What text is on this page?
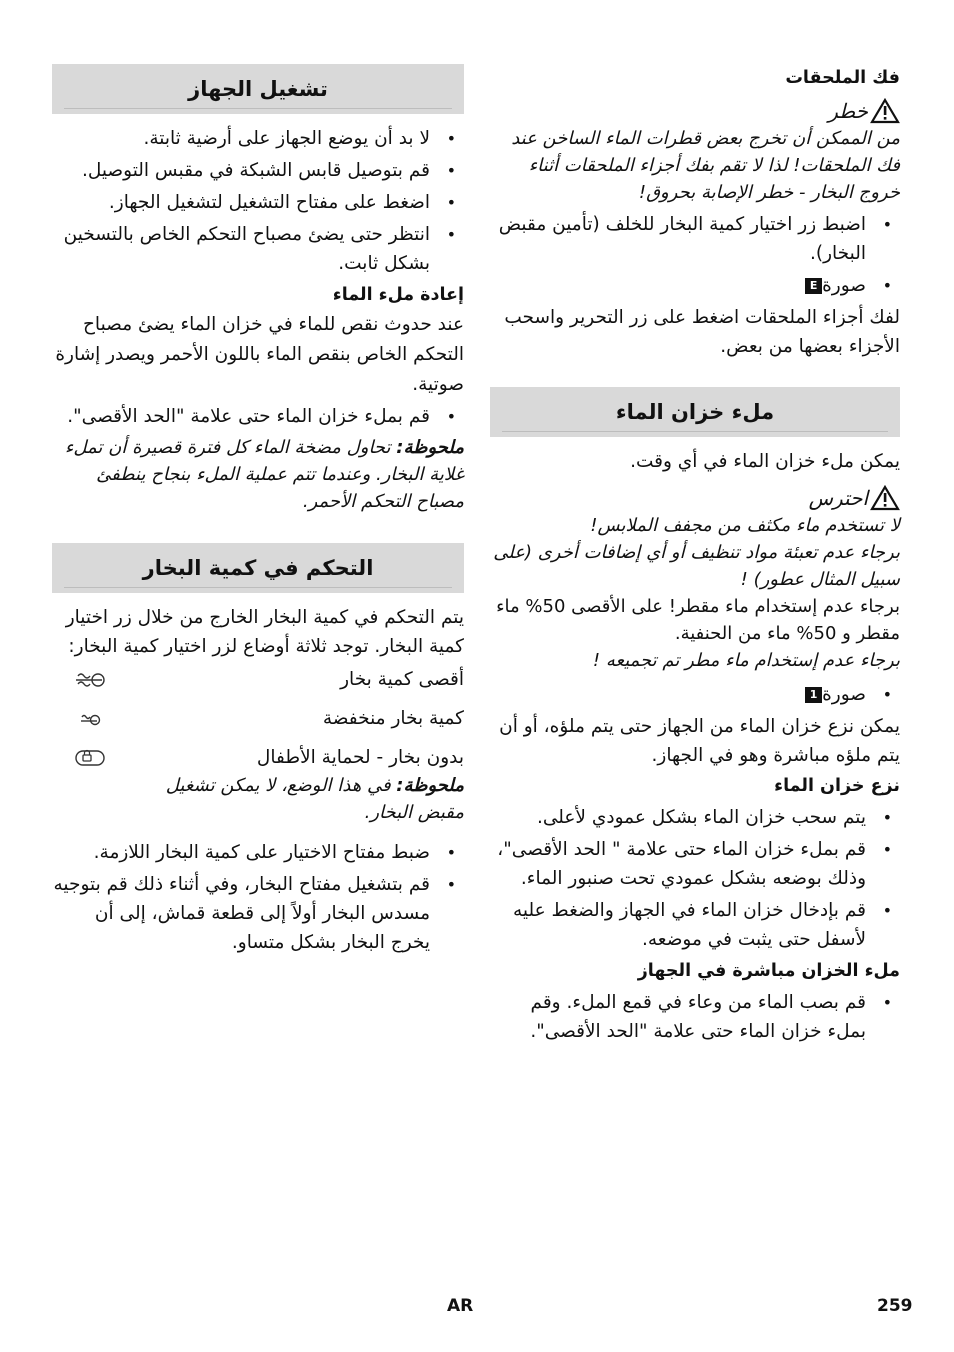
فك الملحقات
خطر

من الممكن أن تخرج بعض قطرات الماء الساخن عند فك الملحقات! لذا لا تقم بفك أجزاء الملحقات أثناء خروج البخار - خطر الإصابة بحروق!

• اضبط زر اختيار كمية البخار للخلف (تأمين مقبض البخار).
• صورةE

لفك أجزاء الملحقات اضغط على زر التحرير واسحب الأجزاء بعضها من بعض.

ملء خزان الماء

يمكن ملء خزان الماء في أي وقت.

احترس

لا تستخدم ماء مكثف من مجفف الملابس!

برجاء عدم تعبئة مواد تنظيف أو أي إضافات أخرى (على سبيل المثال عطور) !

برجاء عدم إستخدام ماء مقطر! على الأقصى 50% ماء مقطر و 50% ماء من الحنفية.

برجاء عدم إستخدام ماء مطر تم تجميعه !

• صورة1

يمكن نزع خزان الماء من الجهاز حتى يتم ملؤه، أو أن يتم ملؤه مباشرة وهو في الجهاز.

نزع خزان الماء
• يتم سحب خزان الماء بشكل عمودي لأعلى.
• قم بملء خزان الماء حتى علامة " الحد الأقصى"، وذلك بوضعه بشكل عمودي تحت صنبور الماء.
• قم بإدخال خزان الماء في الجهاز والضغط عليه لأسفل حتى يثبت في موضعه.
ملء الخزان مباشرة في الجهاز
• قم بصب الماء من وعاء في قمع الملء. وقم بملء خزان الماء حتى علامة "الحد الأقصى".
تشغيل الجهاز
• لا بد أن يوضع الجهاز على أرضية ثابتة.
• قم بتوصيل قابس الشبكة في مقبس التوصيل.
• اضغط على مفتاح التشغيل لتشغيل الجهاز.
• انتظر حتى يضئ مصباح التحكم الخاص بالتسخين بشكل ثابت.
إعادة ملء الماء

عند حدوث نقص للماء في خزان الماء يضئ مصباح التحكم الخاص بنقص الماء باللون الأحمر ويصدر إشارة صوتية.

• قم بملء خزان الماء حتى علامة "الحد الأقصى".

ملحوظة: تحاول مضخة الماء كل فترة قصيرة أن تملء غلاية البخار. وعندما تتم عملية الملء بنجاح ينطفئ مصباح التحكم الأحمر.

التحكم في كمية البخار

يتم التحكم في كمية البخار الخارج من خلال زر اختيار كمية البخار. توجد ثلاثة أوضاع لزر اختيار كمية البخار:

أقصى كمية بخار

كمية بخار منخفضة

بدون بخار - لحماية الأطفال

ملحوظة: في هذا الوضع، لا يمكن تشغيل مقبض البخار.

• ضبط مفتاح الاختيار على كمية البخار اللازمة.
• قم بتشغيل مفتاح البخار، وفي أثناء ذلك قم بتوجيه مسدس البخار أولاً إلى قطعة قماش، إلى أن يخرج البخار بشكل متساو.
AR	259
